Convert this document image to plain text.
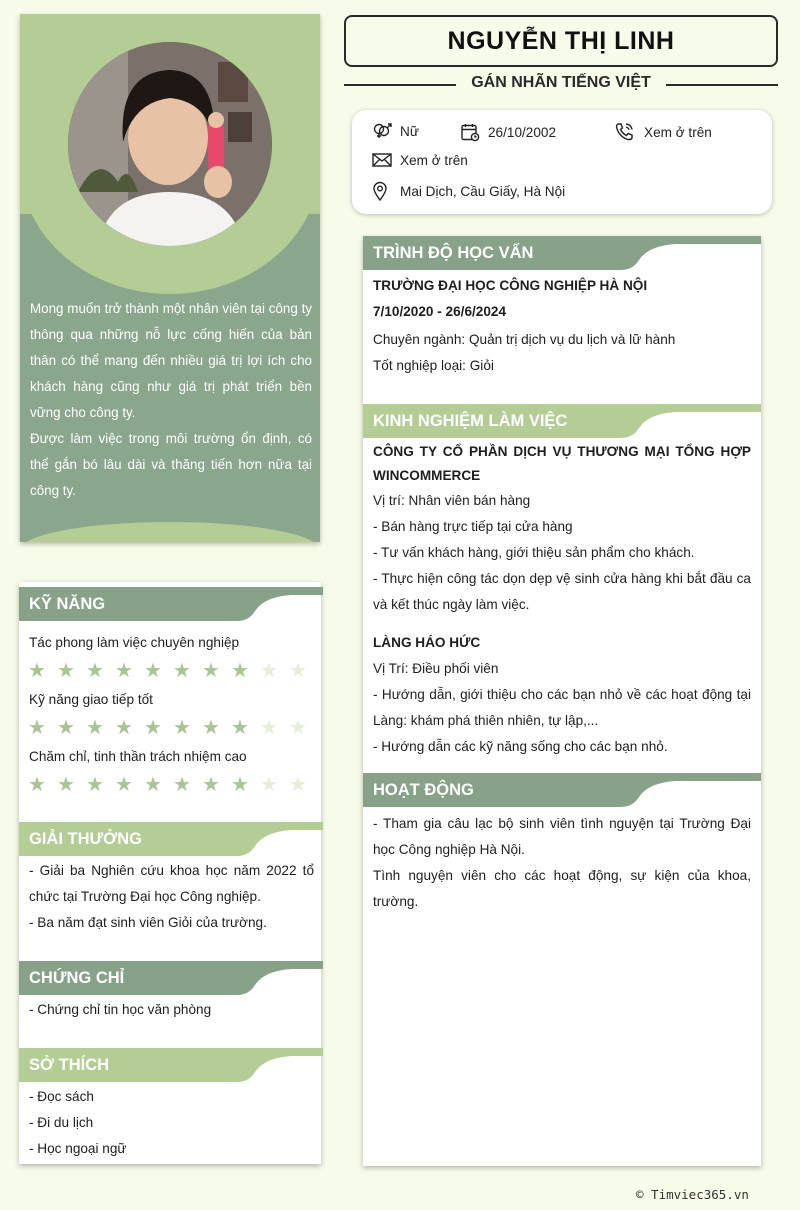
Mong muốn trở thành một nhân viên tại công ty thông qua những nỗ lực cống hiến của bản thân có thể mang đến nhiều giá trị lợi ích cho khách hàng cũng như giá trị phát triển bền vững cho công ty.

Được làm việc trong môi trường ổn định, có thể gắn bó lâu dài và thăng tiến hơn nữa tại công ty.

NGUYỄN THỊ LINH
GÁN NHÃN TIẾNG VIỆT
Nữ	26/10/2002	Xem ở trên
Xem ở trên
Mai Dịch, Cầu Giấy, Hà Nội
TRÌNH ĐỘ HỌC VẤN

TRƯỜNG ĐẠI HỌC CÔNG NGHIỆP HÀ NỘI

7/10/2020 - 26/6/2024

Chuyên ngành: Quản trị dịch vụ du lịch và lữ hành

Tốt nghiệp loại: Giỏi

KINH NGHIỆM LÀM VIỆC

CÔNG TY CỔ PHẦN DỊCH VỤ THƯƠNG MẠI TỔNG HỢP WINCOMMERCE

Vị trí: Nhân viên bán hàng

- Bán hàng trực tiếp tại cửa hàng

- Tư vấn khách hàng, giới thiệu sản phẩm cho khách.

- Thực hiện công tác dọn dẹp vệ sinh cửa hàng khi bắt đầu ca và kết thúc ngày làm việc.

LÀNG HÁO HỨC

Vị Trí: Điều phối viên

- Hướng dẫn, giới thiệu cho các bạn nhỏ về các hoạt động tại Làng: khám phá thiên nhiên, tự lập,...

- Hướng dẫn các kỹ năng sống cho các bạn nhỏ.

HOẠT ĐỘNG

- Tham gia câu lạc bộ sinh viên tình nguyện tại Trường Đại học Công nghiệp Hà Nội.

Tình nguyện viên cho các hoạt động, sự kiện của khoa, trường.

KỸ NĂNG
Tác phong làm việc chuyên nghiệp
★ ★ ★ ★ ★ ★ ★ ★ ★ ★
Kỹ năng giao tiếp tốt
★ ★ ★ ★ ★ ★ ★ ★ ★ ★
Chăm chỉ, tinh thần trách nhiệm cao
★ ★ ★ ★ ★ ★ ★ ★ ★ ★
GIẢI THƯỞNG

- Giải ba Nghiên cứu khoa học năm 2022 tổ chức tại Trường Đại học Công nghiệp.

- Ba năm đạt sinh viên Giỏi của trường.

CHỨNG CHỈ

- Chứng chỉ tin học văn phòng

SỞ THÍCH

- Đọc sách

- Đi du lịch

- Học ngoại ngữ

© Timviec365.vn
